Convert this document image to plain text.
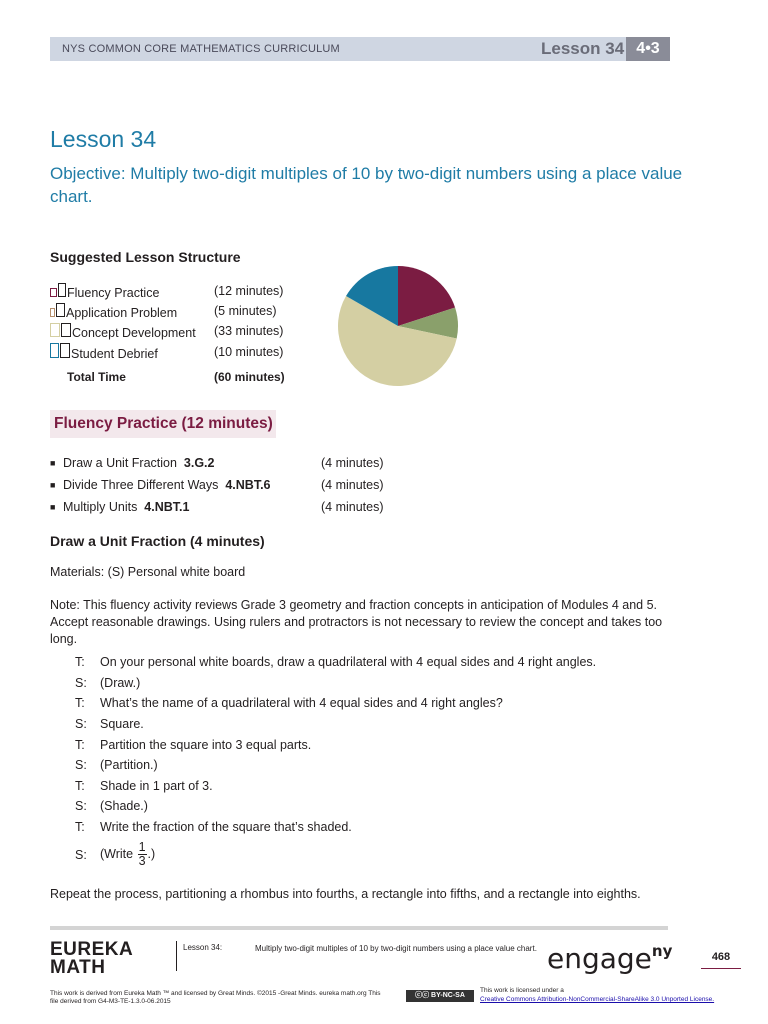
NYS COMMON CORE MATHEMATICS CURRICULUM	Lesson 34 4•3
Lesson 34
Objective: Multiply two-digit multiples of 10 by two-digit numbers using a place value chart.
Suggested Lesson Structure
Fluency Practice	(12 minutes)
Application Problem	(5 minutes)
Concept Development	(33 minutes)
Student Debrief	(10 minutes)
Total Time	(60 minutes)
Fluency Practice (12 minutes)
■ Draw a Unit Fraction 3.G.2	(4 minutes)
■ Divide Three Different Ways 4.NBT.6	(4 minutes)
■ Multiply Units 4.NBT.1	(4 minutes)
Draw a Unit Fraction (4 minutes)
Materials: (S) Personal white board
Note: This fluency activity reviews Grade 3 geometry and fraction concepts in anticipation of Modules 4 and 5. Accept reasonable drawings. Using rulers and protractors is not necessary to review the concept and takes too long.
T:	On your personal white boards, draw a quadrilateral with 4 equal sides and 4 right angles.
S:	(Draw.)
T:	What’s the name of a quadrilateral with 4 equal sides and 4 right angles?
S:	Square.
T:	Partition the square into 3 equal parts.
S:	(Partition.)
T:	Shade in 1 part of 3.
S:	(Shade.)
T:	Write the fraction of the square that’s shaded.
S:	(Write $\frac{1}{3}$ .)
Repeat the process, partitioning a rhombus into fourths, a rectangle into fifths, and a rectangle into eighths.
EUREKA
MATH
Lesson 34:	Multiply two-digit multiples of 10 by two-digit numbers using a place value chart. engage$^{ny}$	468
This work is derived from Eureka Math ™ and licensed by Great Minds. ©2015 -Great Minds. eureka math.org This file derived from G4-M3-TE-1.3.0-06.2015
ⓒⓒ BY-NC-SA
This work is licensed under a
Creative Commons Attribution-NonCommercial-ShareAlike 3.0 Unported License.
